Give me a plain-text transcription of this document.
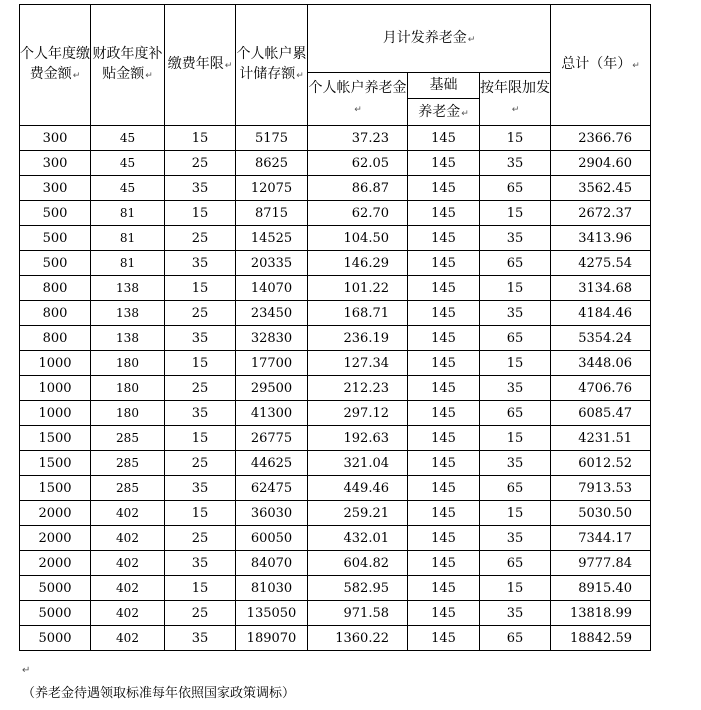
个人年度缴费金额↵	财政年度补贴金额↵	缴费年限↵	个人帐户累计储存额↵	月计发养老金↵			总计（年）↵
				个人帐户养老金↵	基础
养老金↵	按年限加发↵	
300	45	15	5175	37.23	145	15	2366.76
300	45	25	8625	62.05	145	35	2904.60
300	45	35	12075	86.87	145	65	3562.45
500	81	15	8715	62.70	145	15	2672.37
500	81	25	14525	104.50	145	35	3413.96
500	81	35	20335	146.29	145	65	4275.54
800	138	15	14070	101.22	145	15	3134.68
800	138	25	23450	168.71	145	35	4184.46
800	138	35	32830	236.19	145	65	5354.24
1000	180	15	17700	127.34	145	15	3448.06
1000	180	25	29500	212.23	145	35	4706.76
1000	180	35	41300	297.12	145	65	6085.47
1500	285	15	26775	192.63	145	15	4231.51
1500	285	25	44625	321.04	145	35	6012.52
1500	285	35	62475	449.46	145	65	7913.53
2000	402	15	36030	259.21	145	15	5030.50
2000	402	25	60050	432.01	145	35	7344.17
2000	402	35	84070	604.82	145	65	9777.84
5000	402	15	81030	582.95	145	15	8915.40
5000	402	25	135050	971.58	145	35	13818.99
5000	402	35	189070	1360.22	145	65	18842.59
↵
（养老金待遇领取标准每年依照国家政策调标）
